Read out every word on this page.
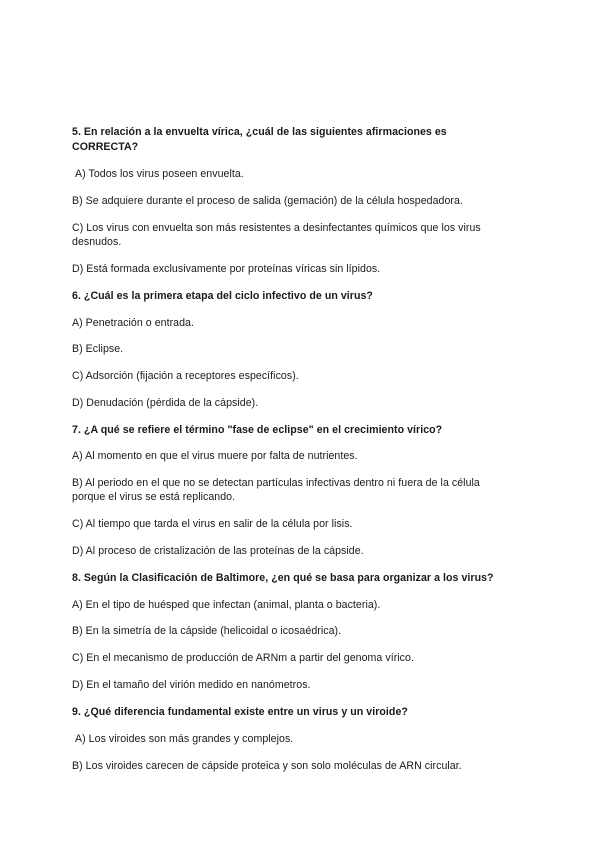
5. En relación a la envuelta vírica, ¿cuál de las siguientes afirmaciones es
CORRECTA?
A) Todos los virus poseen envuelta.
B) Se adquiere durante el proceso de salida (gemación) de la célula hospedadora.
C) Los virus con envuelta son más resistentes a desinfectantes químicos que los virus
desnudos.
D) Está formada exclusivamente por proteínas víricas sin lípidos.
6. ¿Cuál es la primera etapa del ciclo infectivo de un virus?
A) Penetración o entrada.
B) Eclipse.
C) Adsorción (fijación a receptores específicos).
D) Denudación (pérdida de la cápside).
7. ¿A qué se refiere el término "fase de eclipse" en el crecimiento vírico?
A) Al momento en que el virus muere por falta de nutrientes.
B) Al periodo en el que no se detectan partículas infectivas dentro ni fuera de la célula
porque el virus se está replicando.
C) Al tiempo que tarda el virus en salir de la célula por lisis.
D) Al proceso de cristalización de las proteínas de la cápside.
8. Según la Clasificación de Baltimore, ¿en qué se basa para organizar a los virus?
A) En el tipo de huésped que infectan (animal, planta o bacteria).
B) En la simetría de la cápside (helicoidal o icosaédrica).
C) En el mecanismo de producción de ARNm a partir del genoma vírico.
D) En el tamaño del virión medido en nanómetros.
9. ¿Qué diferencia fundamental existe entre un virus y un viroide?
A) Los viroides son más grandes y complejos.
B) Los viroides carecen de cápside proteica y son solo moléculas de ARN circular.
